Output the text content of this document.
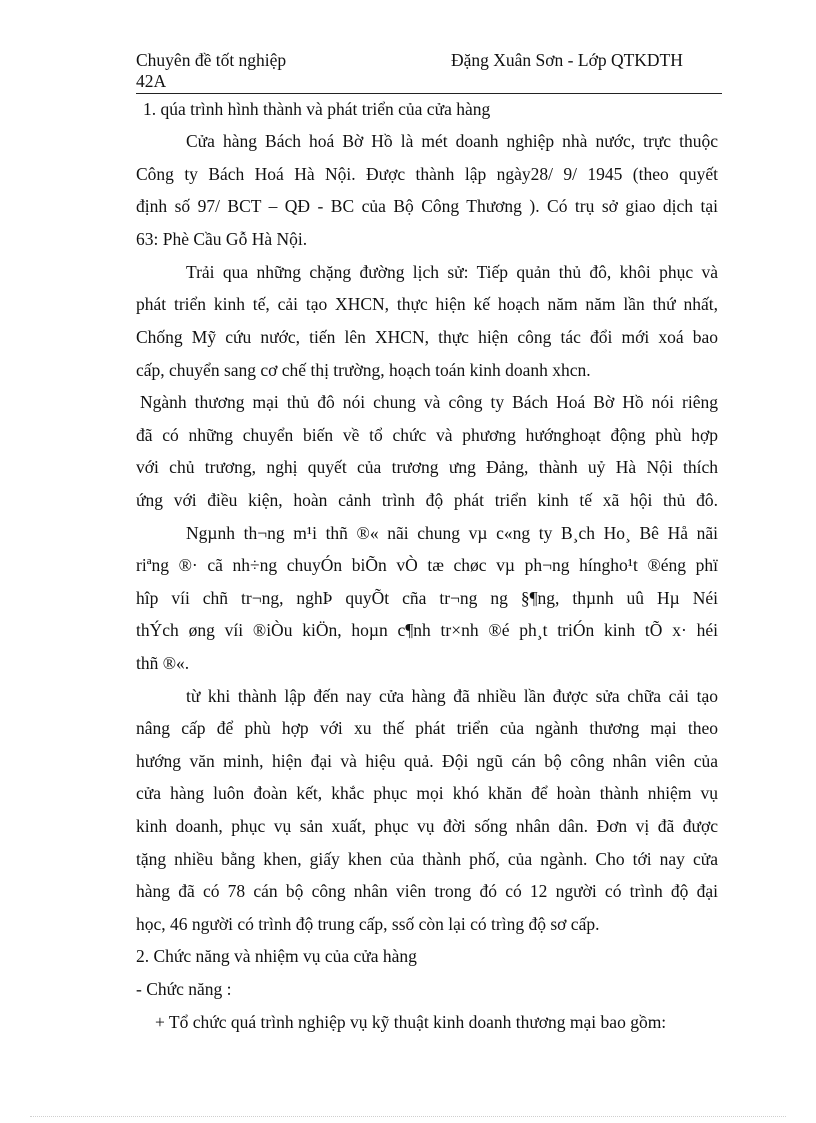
Chuyên đề tốt nghiệp
42A
Đặng Xuân Sơn - Lớp QTKDTH
1. qúa trình hình thành và phát triển của cửa hàng
Cửa hàng Bách hoá Bờ Hồ là mét doanh nghiệp nhà nước, trực thuộc
Công ty Bách Hoá Hà Nội. Được thành lập ngày28/ 9/ 1945 (theo quyết
định số 97/ BCT – QĐ - BC của Bộ Công Thương ). Có trụ sở giao dịch tại
63: Phè Cầu Gỗ Hà Nội.
Trải qua những chặng đường lịch sử: Tiếp quản thủ đô, khôi phục và
phát triển kinh tế, cải tạo XHCN, thực hiện kế hoạch năm năm lần thứ nhất,
Chống Mỹ cứu nước, tiến lên XHCN, thực hiện công tác đổi mới xoá bao
cấp, chuyển sang cơ chế thị trường, hoạch toán kinh doanh xhcn.
Ngành thương mại thủ đô nói chung và công ty Bách Hoá Bờ Hồ nói riêng
đã có những chuyển biến về tổ chức và phương hướnghoạt động phù hợp
với chủ trương, nghị quyết của trương ưng Đảng, thành uỷ Hà Nội thích
ứng với điều kiện, hoàn cảnh trình độ phát triển kinh tế xã hội thủ đô.
Ngµnh th¬ng m¹i thñ ®« nãi chung vµ c«ng ty B¸ch Ho¸ Bê Hå nãi
riªng ®· cã nh÷ng chuyÓn biÕn vÒ tæ chøc vµ ph¬ng híngho¹t ®éng phï
hîp víi chñ tr¬ng, nghÞ quyÕt cña tr¬ng ng §¶ng, thµnh uû Hµ Néi
thÝch øng víi ®iÒu kiÖn, hoµn c¶nh tr×nh ®é ph¸t triÓn kinh tÕ x· héi
thñ ®«.
từ khi thành lập đến nay cửa hàng đã nhiều lần được sửa chữa cải tạo
nâng cấp để phù hợp với xu thế phát triển của ngành thương mại theo
hướng văn minh, hiện đại và hiệu quả. Đội ngũ cán bộ công nhân viên của
cửa hàng luôn đoàn kết, khắc phục mọi khó khăn để hoàn thành nhiệm vụ
kinh doanh, phục vụ sản xuất, phục vụ đời sống nhân dân. Đơn vị đã được
tặng nhiều bằng khen, giấy khen của thành phố, của ngành. Cho tới nay cửa
hàng đã có 78 cán bộ công nhân viên trong đó có 12 người có trình độ đại
học, 46 người có trình độ trung cấp, ssố còn lại có trìng độ sơ cấp.
2. Chức năng và nhiệm vụ của cửa hàng
- Chức năng :
+ Tổ chức quá trình nghiệp vụ kỹ thuật kinh doanh thương mại bao gồm:
